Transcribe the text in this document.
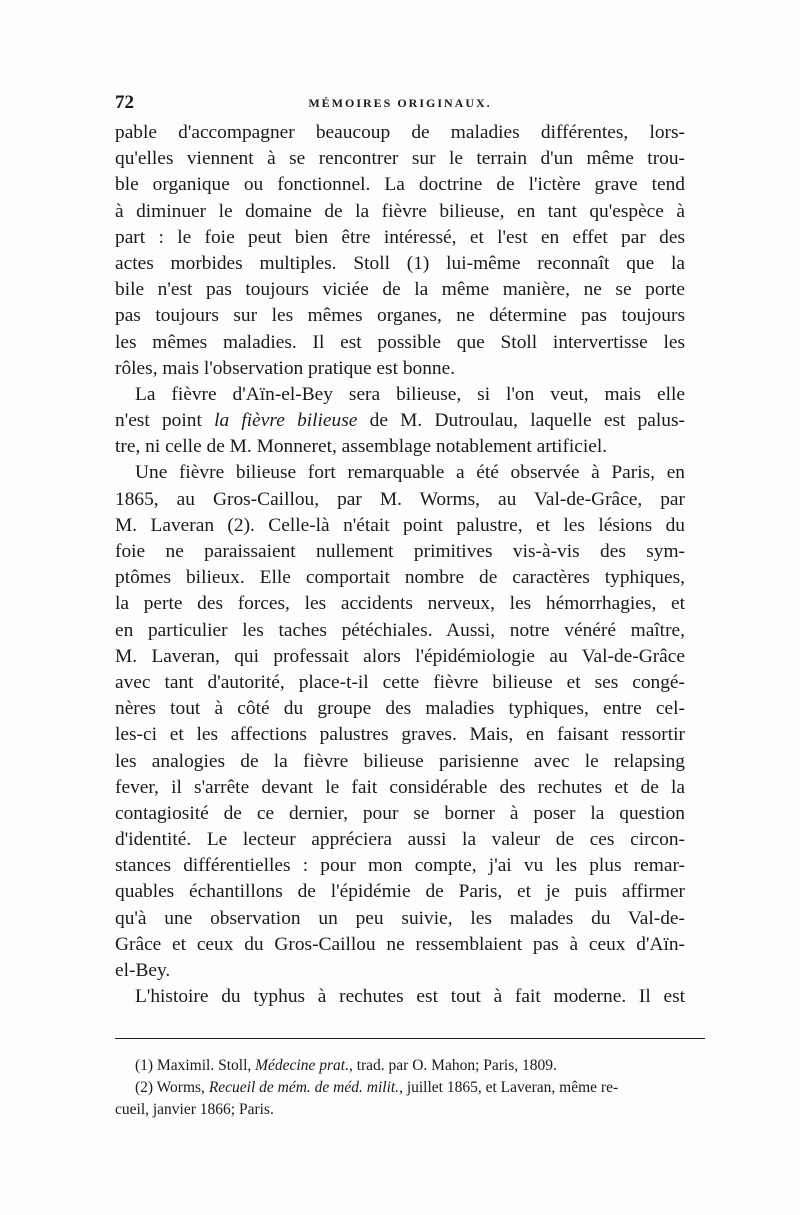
72	MÉMOIRES ORIGINAUX.
pable d'accompagner beaucoup de maladies différentes, lors-
qu'elles viennent à se rencontrer sur le terrain d'un même trou-
ble organique ou fonctionnel. La doctrine de l'ictère grave tend
à diminuer le domaine de la fièvre bilieuse, en tant qu'espèce à
part : le foie peut bien être intéressé, et l'est en effet par des
actes morbides multiples. Stoll (1) lui-même reconnaît que la
bile n'est pas toujours viciée de la même manière, ne se porte
pas toujours sur les mêmes organes, ne détermine pas toujours
les mêmes maladies. Il est possible que Stoll intervertisse les
rôles, mais l'observation pratique est bonne.
La fièvre d'Aïn-el-Bey sera bilieuse, si l'on veut, mais elle
n'est point la fièvre bilieuse de M. Dutroulau, laquelle est palus-
tre, ni celle de M. Monneret, assemblage notablement artificiel.
Une fièvre bilieuse fort remarquable a été observée à Paris, en
1865, au Gros-Caillou, par M. Worms, au Val-de-Grâce, par
M. Laveran (2). Celle-là n'était point palustre, et les lésions du
foie ne paraissaient nullement primitives vis-à-vis des sym-
ptômes bilieux. Elle comportait nombre de caractères typhiques,
la perte des forces, les accidents nerveux, les hémorrhagies, et
en particulier les taches pétéchiales. Aussi, notre vénéré maître,
M. Laveran, qui professait alors l'épidémiologie au Val-de-Grâce
avec tant d'autorité, place-t-il cette fièvre bilieuse et ses congé-
nères tout à côté du groupe des maladies typhiques, entre cel-
les-ci et les affections palustres graves. Mais, en faisant ressortir
les analogies de la fièvre bilieuse parisienne avec le relapsing
fever, il s'arrête devant le fait considérable des rechutes et de la
contagiosité de ce dernier, pour se borner à poser la question
d'identité. Le lecteur appréciera aussi la valeur de ces circon-
stances différentielles : pour mon compte, j'ai vu les plus remar-
quables échantillons de l'épidémie de Paris, et je puis affirmer
qu'à une observation un peu suivie, les malades du Val-de-
Grâce et ceux du Gros-Caillou ne ressemblaient pas à ceux d'Aïn-
el-Bey.
L'histoire du typhus à rechutes est tout à fait moderne. Il est
(1) Maximil. Stoll, Médecine prat., trad. par O. Mahon; Paris, 1809.
(2) Worms, Recueil de mém. de méd. milit., juillet 1865, et Laveran, même re-
cueil, janvier 1866; Paris.
